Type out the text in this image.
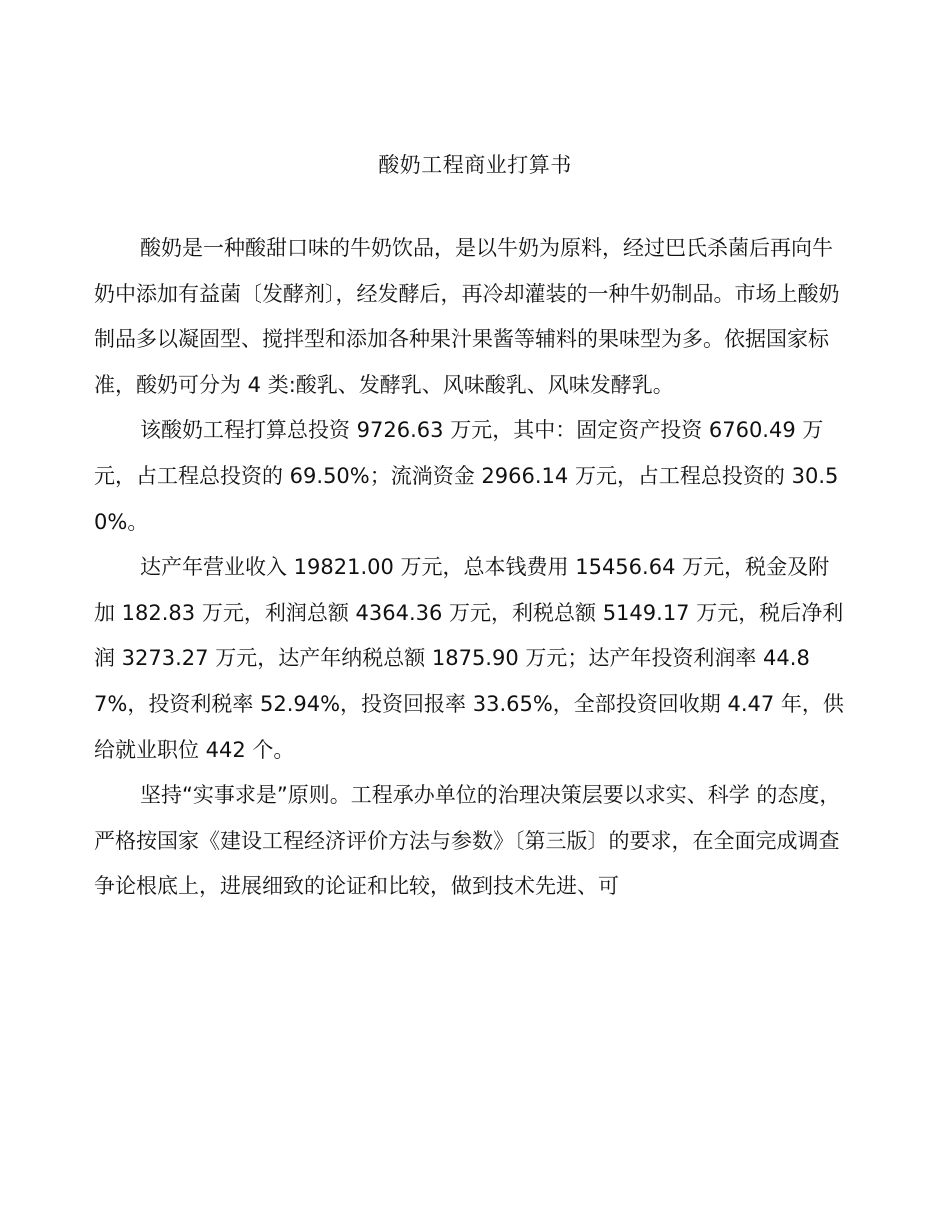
酸奶工程商业打算书

酸奶是一种酸甜口味的牛奶饮品，是以牛奶为原料，经过巴氏杀菌后再向牛奶中添加有益菌〔发酵剂〕，经发酵后，再冷却灌装的一种牛奶制品。市场上酸奶制品多以凝固型、搅拌型和添加各种果汁果酱等辅料的果味型为多。依据国家标准，酸奶可分为 4 类:酸乳、发酵乳、风味酸乳、风味发酵乳。

该酸奶工程打算总投资 9726.63 万元，其中：固定资产投资 6760.49 万元，占工程总投资的 69.50%；流淌资金 2966.14 万元，占工程总投资的 30.50%。

达产年营业收入 19821.00 万元，总本钱费用 15456.64 万元，税金及附加 182.83 万元，利润总额 4364.36 万元，利税总额 5149.17 万元，税后净利润 3273.27 万元，达产年纳税总额 1875.90 万元；达产年投资利润率 44.87%，投资利税率 52.94%，投资回报率 33.65%，全部投资回收期 4.47 年，供给就业职位 442 个。

坚持“实事求是”原则。工程承办单位的治理决策层要以求实、科学 的态度，严格按国家《建设工程经济评价方法与参数》〔第三版〕的要求，在全面完成调查争论根底上，进展细致的论证和比较，做到技术先进、可
